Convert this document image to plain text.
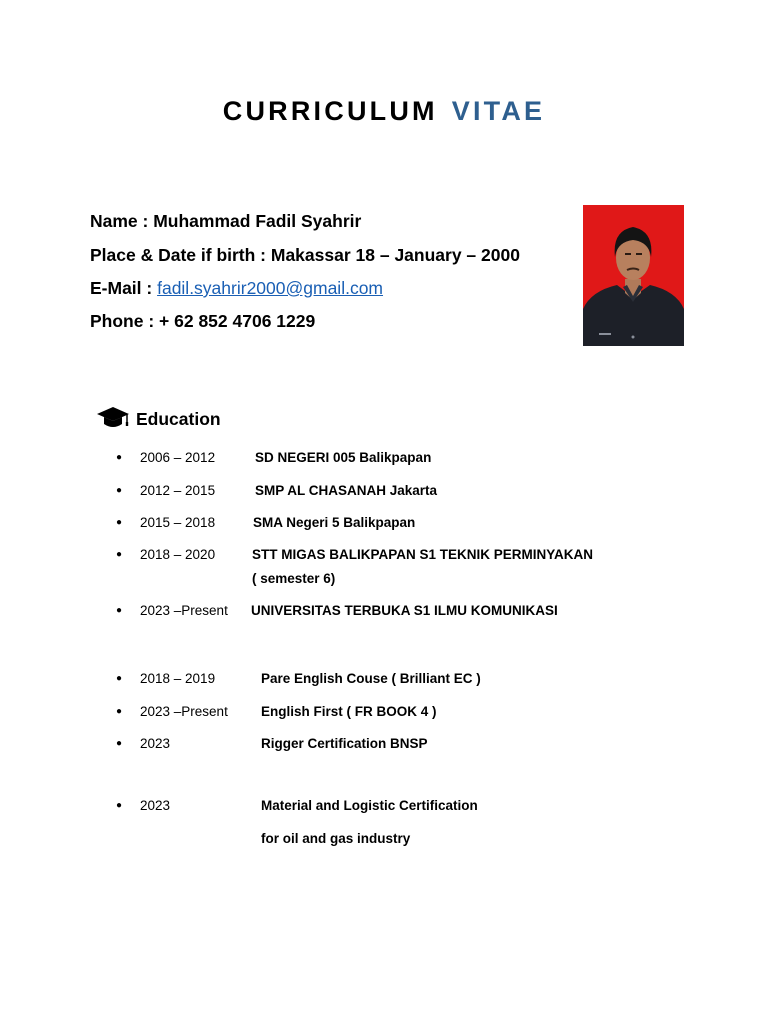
CURRICULUM VITAE
Name : Muhammad Fadil Syahrir
Place & Date if birth : Makassar 18 – January – 2000
E-Mail : fadil.syahrir2000@gmail.com
Phone : + 62 852 4706 1229
Education
● 2006 – 2012	SD NEGERI 005 Balikpapan
● 2012 – 2015	SMP AL CHASANAH Jakarta
● 2015 – 2018	SMA Negeri 5 Balikpapan
● 2018 – 2020	STT MIGAS BALIKPAPAN S1 TEKNIK PERMINYAKAN
( semester 6)
● 2023 –Present UNIVERSITAS TERBUKA S1 ILMU KOMUNIKASI
● 2018 – 2019	Pare English Couse ( Brilliant EC )
● 2023 –Present English First ( FR BOOK 4 )
● 2023	Rigger Certification BNSP
● 2023	Material and Logistic Certification
for oil and gas industry
